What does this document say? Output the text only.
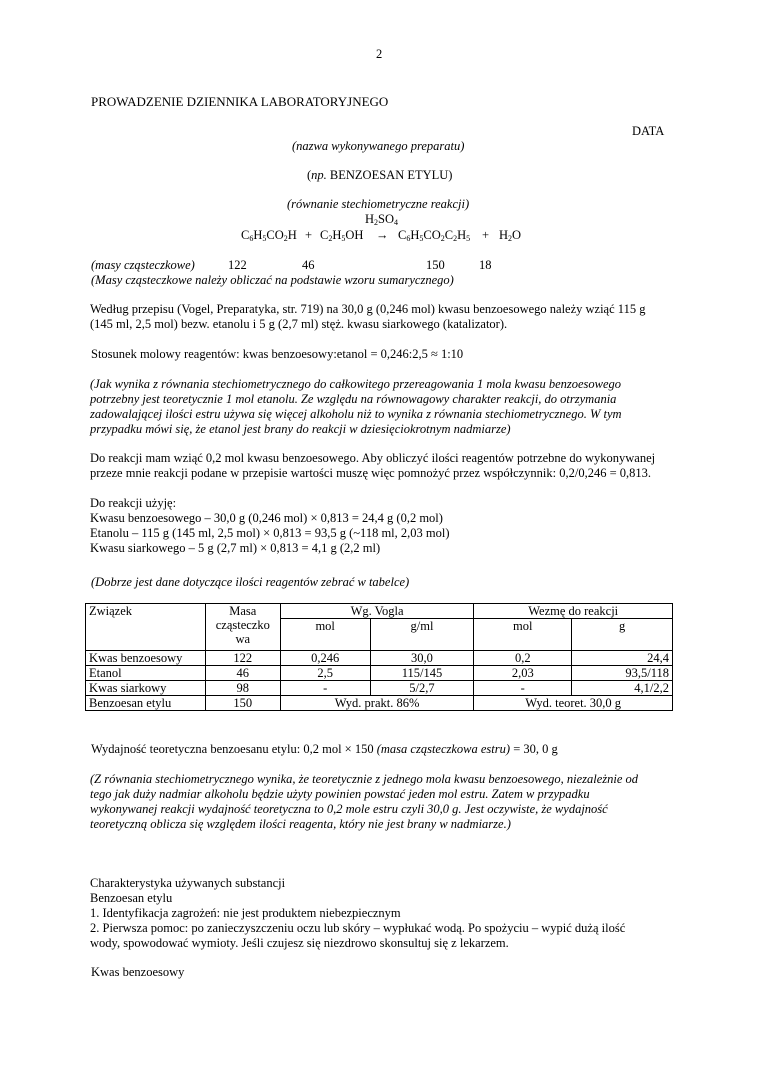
2
PROWADZENIE DZIENNIKA LABORATORYJNEGO
DATA
(nazwa wykonywanego preparatu)
(np. BENZOESAN ETYLU)
(równanie stechiometryczne reakcji)
$H_2SO_4$
$C_6H_5CO_2H + C_2H_5OH \to C_6H_5CO_2C_2H_5 + H_2O$
(masy cząsteczkowe)	122	46	150	18
(Masy cząsteczkowe należy obliczać na podstawie wzoru sumarycznego)
Według przepisu (Vogel, Preparatyka, str. 719) na 30,0 g (0,246 mol) kwasu benzoesowego należy wziąć 115 g
(145 ml, 2,5 mol) bezw. etanolu i 5 g (2,7 ml) stęż. kwasu siarkowego (katalizator).
Stosunek molowy reagentów: kwas benzoesowy:etanol = 0,246:2,5 ≈ 1:10
(Jak wynika z równania stechiometrycznego do całkowitego przereagowania 1 mola kwasu benzoesowego
potrzebny jest teoretycznie 1 mol etanolu. Ze względu na równowagowy charakter reakcji, do otrzymania
zadowalającej ilości estru używa się więcej alkoholu niż to wynika z równania stechiometrycznego. W tym
przypadku mówi się, że etanol jest brany do reakcji w dziesięciokrotnym nadmiarze)
Do reakcji mam wziąć 0,2 mol kwasu benzoesowego. Aby obliczyć ilości reagentów potrzebne do wykonywanej
przeze mnie reakcji podane w przepisie wartości muszę więc pomnożyć przez współczynnik: 0,2/0,246 = 0,813.
Do reakcji użyję:
Kwasu benzoesowego – 30,0 g (0,246 mol) × 0,813 = 24,4 g (0,2 mol)
Etanolu – 115 g (145 ml, 2,5 mol) × 0,813 = 93,5 g (~118 ml, 2,03 mol)
Kwasu siarkowego – 5 g (2,7 ml) × 0,813 = 4,1 g (2,2 ml)
(Dobrze jest dane dotyczące ilości reagentów zebrać w tabelce)
Związek	Masa
cząsteczko
wa	Wg. Vogla		Wezmę do reakcji	
		mol	g/ml	mol	g
Kwas benzoesowy	122	0,246	30,0	0,2	24,4
Etanol	46	2,5	115/145	2,03	93,5/118
Kwas siarkowy	98	-	5/2,7	-	4,1/2,2
Benzoesan etylu	150	Wyd. prakt. 86%		Wyd. teoret. 30,0 g	
Wydajność teoretyczna benzoesanu etylu: 0,2 mol × 150 (masa cząsteczkowa estru) = 30, 0 g
(Z równania stechiometrycznego wynika, że teoretycznie z jednego mola kwasu benzoesowego, niezależnie od
tego jak duży nadmiar alkoholu będzie użyty powinien powstać jeden mol estru. Zatem w przypadku
wykonywanej reakcji wydajność teoretyczna to 0,2 mole estru czyli 30,0 g. Jest oczywiste, że wydajność
teoretyczną oblicza się względem ilości reagenta, który nie jest brany w nadmiarze.)
Charakterystyka używanych substancji
Benzoesan etylu
1. Identyfikacja zagrożeń: nie jest produktem niebezpiecznym
2. Pierwsza pomoc: po zanieczyszczeniu oczu lub skóry – wypłukać wodą. Po spożyciu – wypić dużą ilość
wody, spowodować wymioty. Jeśli czujesz się niezdrowo skonsultuj się z lekarzem.
Kwas benzoesowy
